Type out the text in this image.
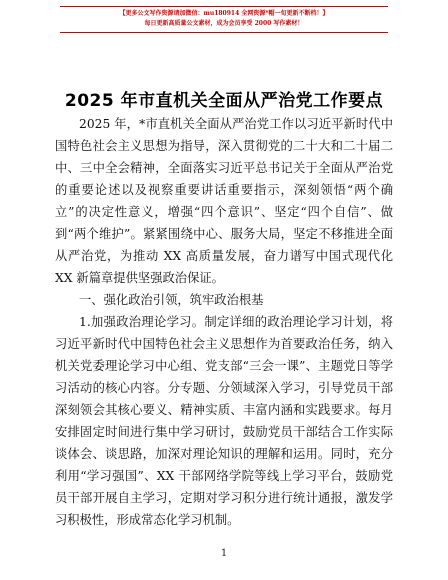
【更多公文写作资源请加微信：mu180914 全网资源*帽一旬更新不断档！】
每日更新高质量公文素材，成为会员享受 2000 写作素材！
2025 年市直机关全面从严治党工作要点

2025 年，*市直机关全面从严治党工作以习近平新时代中国特色社会主义思想为指导，深入贯彻党的二十大和二十届二中、三中全会精神，全面落实习近平总书记关于全面从严治党的重要论述以及视察重要讲话重要指示，深刻领悟“两个确立”的决定性意义，增强“四个意识”、坚定“四个自信”、做到“两个维护”。紧紧围绕中心、服务大局，坚定不移推进全面从严治党，为推动 XX 高质量发展，奋力谱写中国式现代化 XX 新篇章提供坚强政治保证。

一、强化政治引领，筑牢政治根基

1.加强政治理论学习。制定详细的政治理论学习计划，将习近平新时代中国特色社会主义思想作为首要政治任务，纳入机关党委理论学习中心组、党支部“三会一课”、主题党日等学习活动的核心内容。分专题、分领域深入学习，引导党员干部深刻领会其核心要义、精神实质、丰富内涵和实践要求。每月安排固定时间进行集中学习研讨，鼓励党员干部结合工作实际谈体会、谈思路，加深对理论知识的理解和运用。同时，充分利用“学习强国”、XX 干部网络学院等线上学习平台，鼓励党员干部开展自主学习，定期对学习积分进行统计通报，激发学习积极性，形成常态化学习机制。

1
